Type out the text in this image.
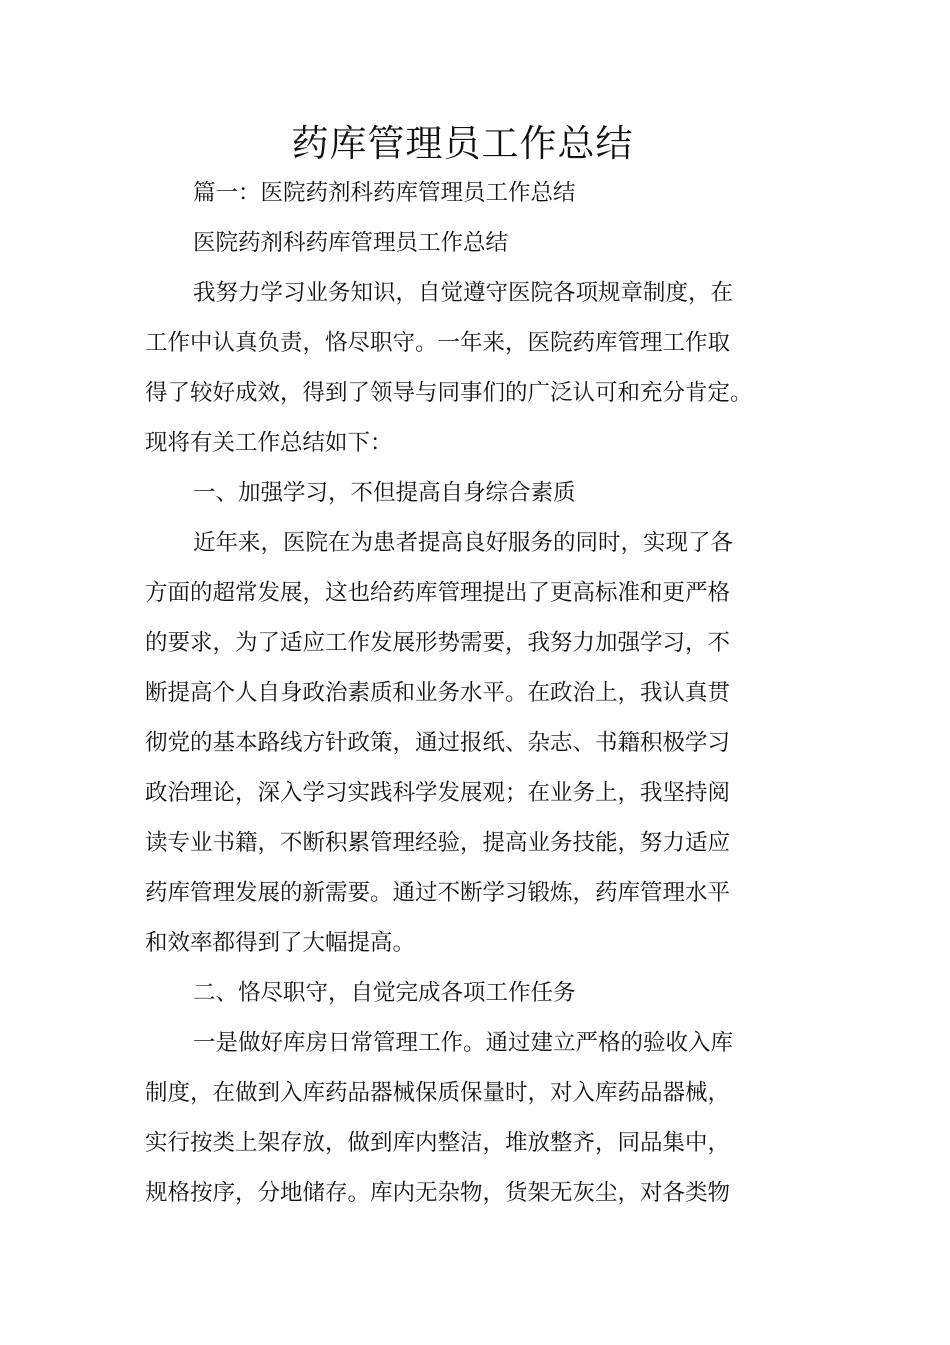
药库管理员工作总结

篇一：医院药剂科药库管理员工作总结

医院药剂科药库管理员工作总结

我努力学习业务知识，自觉遵守医院各项规章制度，在

工作中认真负责，恪尽职守。一年来，医院药库管理工作取

得了较好成效，得到了领导与同事们的广泛认可和充分肯定。

现将有关工作总结如下：

一、加强学习，不但提高自身综合素质

近年来，医院在为患者提高良好服务的同时，实现了各

方面的超常发展，这也给药库管理提出了更高标准和更严格

的要求，为了适应工作发展形势需要，我努力加强学习，不

断提高个人自身政治素质和业务水平。在政治上，我认真贯

彻党的基本路线方针政策，通过报纸、杂志、书籍积极学习

政治理论，深入学习实践科学发展观；在业务上，我坚持阅

读专业书籍，不断积累管理经验，提高业务技能，努力适应

药库管理发展的新需要。通过不断学习锻炼，药库管理水平

和效率都得到了大幅提高。

二、恪尽职守，自觉完成各项工作任务

一是做好库房日常管理工作。通过建立严格的验收入库

制度，在做到入库药品器械保质保量时，对入库药品器械，

实行按类上架存放，做到库内整洁，堆放整齐，同品集中，

规格按序，分地储存。库内无杂物，货架无灰尘，对各类物
